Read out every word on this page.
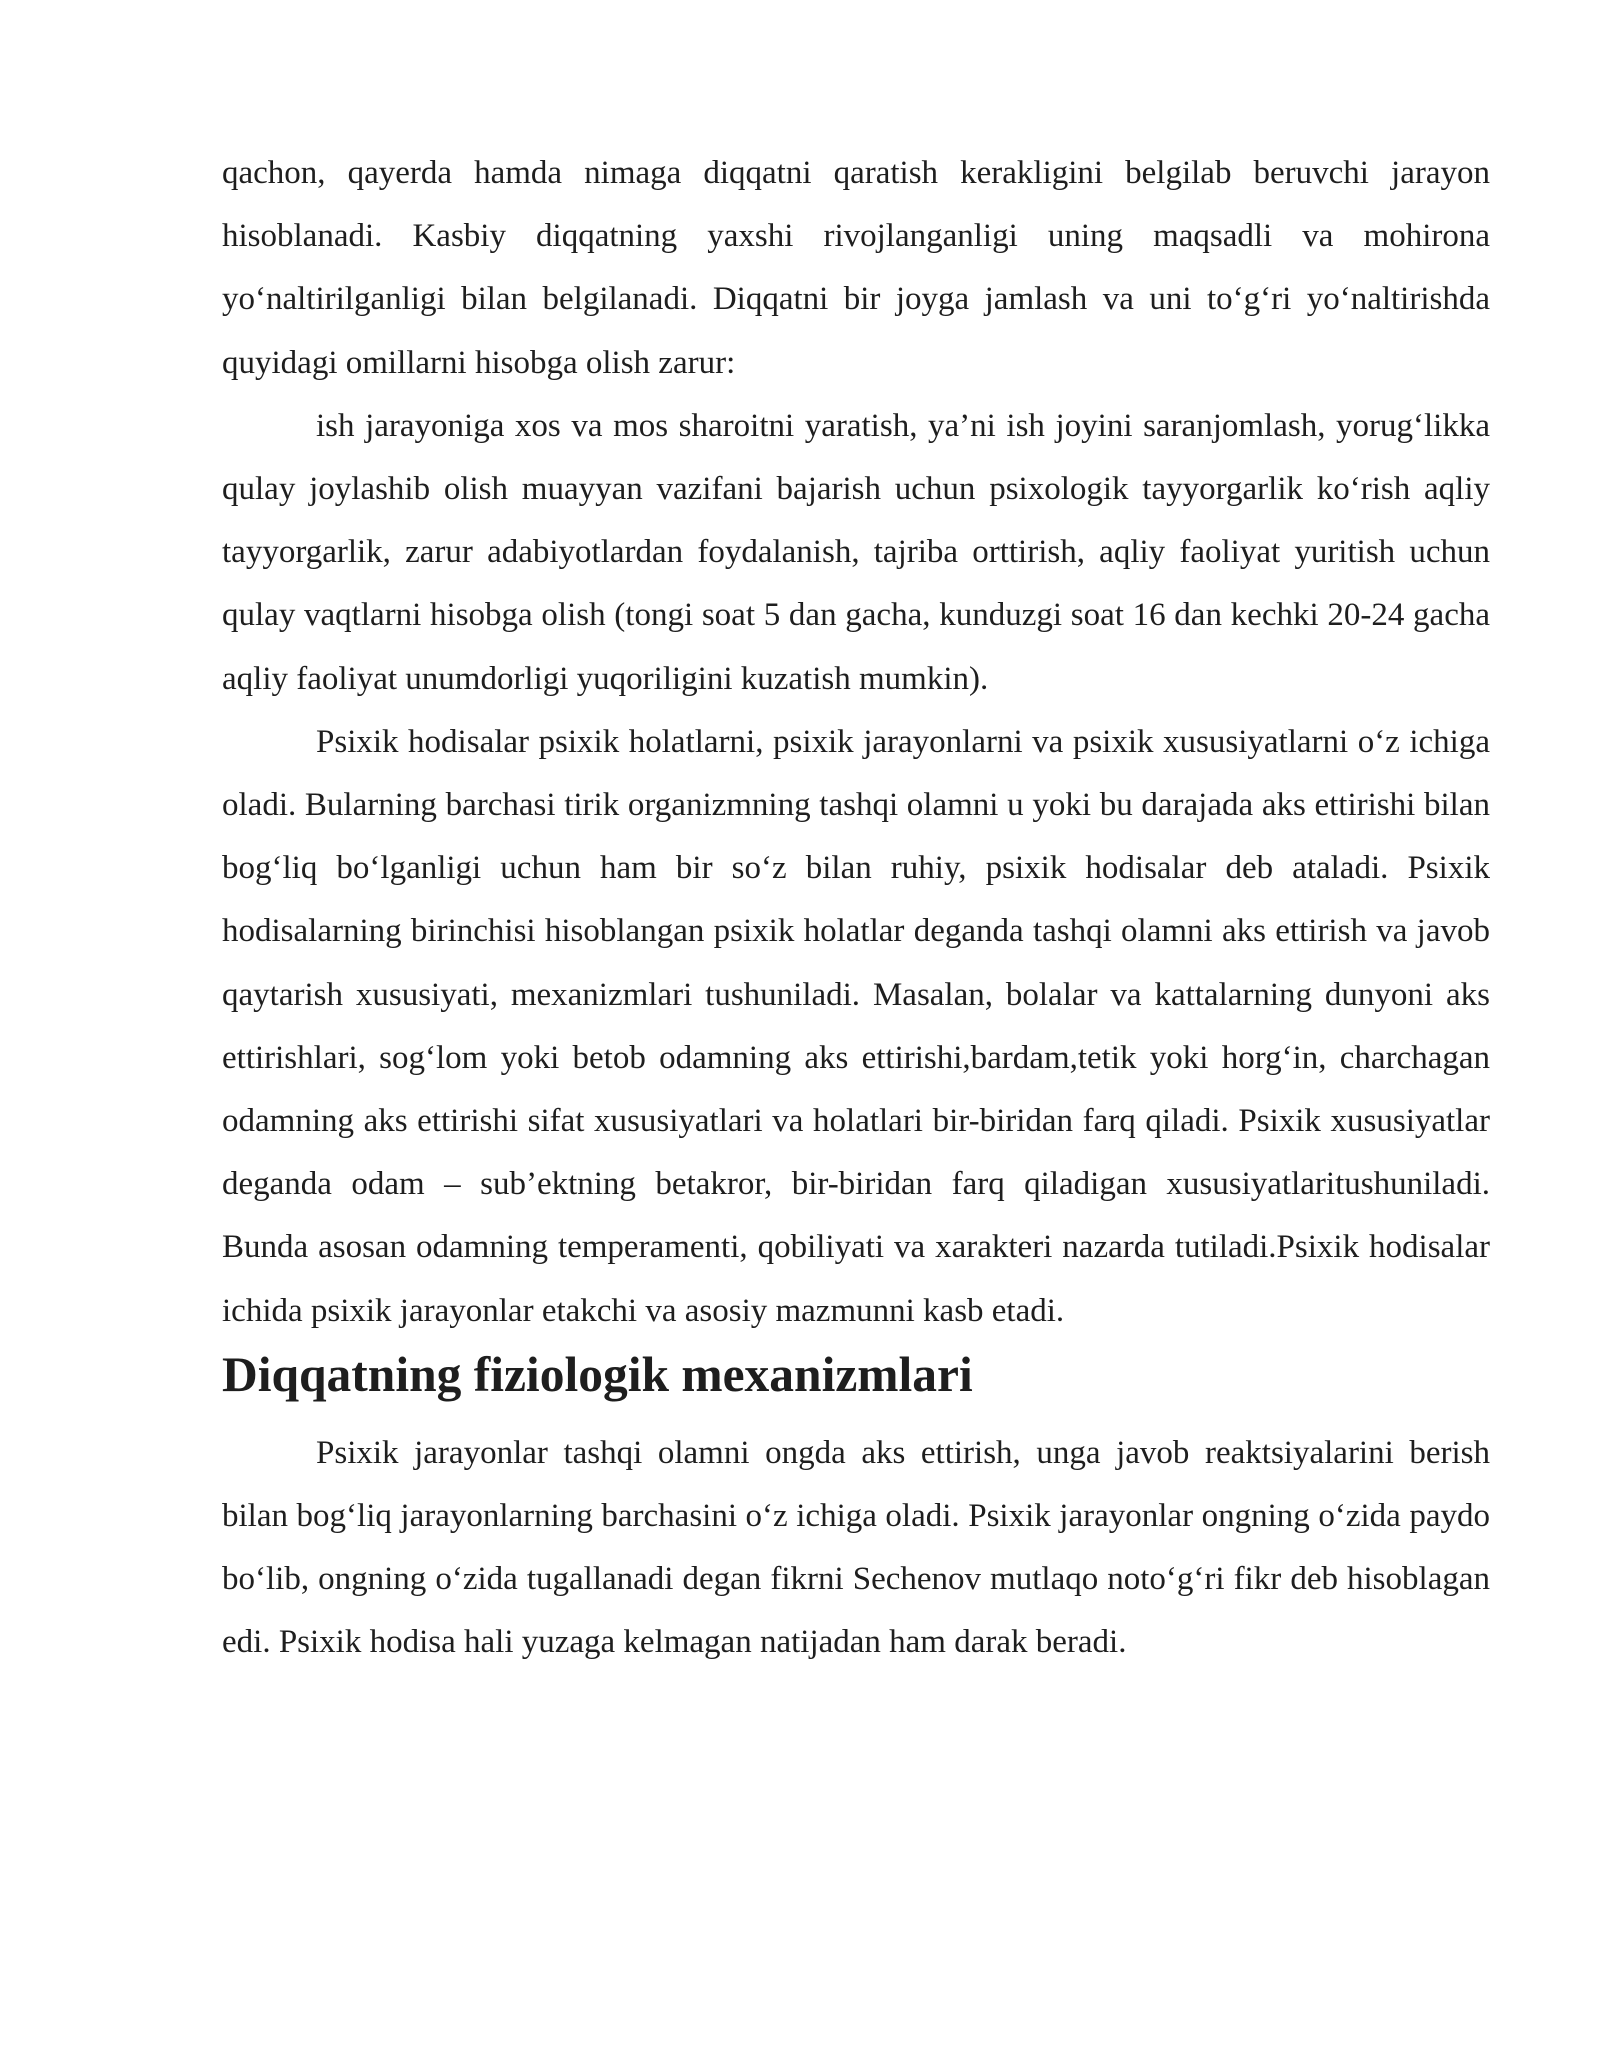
qachon, qayerda hamda nimaga diqqatni qaratish kerakligini belgilab beruvchi jarayon hisoblanadi. Kasbiy diqqatning yaxshi rivojlanganligi uning maqsadli va mohirona yo‘naltirilganligi bilan belgilanadi. Diqqatni bir joyga jamlash va uni to‘g‘ri yo‘naltirishda quyidagi omillarni hisobga olish zarur:

ish jarayoniga xos va mos sharoitni yaratish, ya’ni ish joyini saranjomlash, yorug‘likka qulay joylashib olish muayyan vazifani bajarish uchun psixologik tayyorgarlik ko‘rish aqliy tayyorgarlik, zarur adabiyotlardan foydalanish, tajriba orttirish, aqliy faoliyat yuritish uchun qulay vaqtlarni hisobga olish (tongi soat 5 dan gacha, kunduzgi soat 16 dan kechki 20-24 gacha aqliy faoliyat unumdorligi yuqoriligini kuzatish mumkin).

Psixik hodisalar psixik holatlarni, psixik jarayonlarni va psixik xususiyatlarni o‘z ichiga oladi. Bularning barchasi tirik organizmning tashqi olamni u yoki bu darajada aks ettirishi bilan bog‘liq bo‘lganligi uchun ham bir so‘z bilan ruhiy, psixik hodisalar deb ataladi. Psixik hodisalarning birinchisi hisoblangan psixik holatlar deganda tashqi olamni aks ettirish va javob qaytarish xususiyati, mexanizmlari tushuniladi. Masalan, bolalar va kattalarning dunyoni aks ettirishlari, sog‘lom yoki betob odamning aks ettirishi,bardam,tetik yoki horg‘in, charchagan odamning aks ettirishi sifat xususiyatlari va holatlari bir-biridan farq qiladi. Psixik xususiyatlar deganda odam – sub’ektning betakror, bir-biridan farq qiladigan xususiyatlaritushuniladi. Bunda asosan odamning temperamenti, qobiliyati va xarakteri nazarda tutiladi.Psixik hodisalar ichida psixik jarayonlar etakchi va asosiy mazmunni kasb etadi.

Diqqatning fiziologik mexanizmlari

Psixik jarayonlar tashqi olamni ongda aks ettirish, unga javob reaktsiyalarini berish bilan bog‘liq jarayonlarning barchasini o‘z ichiga oladi. Psixik jarayonlar ongning o‘zida paydo bo‘lib, ongning o‘zida tugallanadi degan fikrni Sechenov mutlaqo noto‘g‘ri fikr deb hisoblagan edi. Psixik hodisa hali yuzaga kelmagan natijadan ham darak beradi.
